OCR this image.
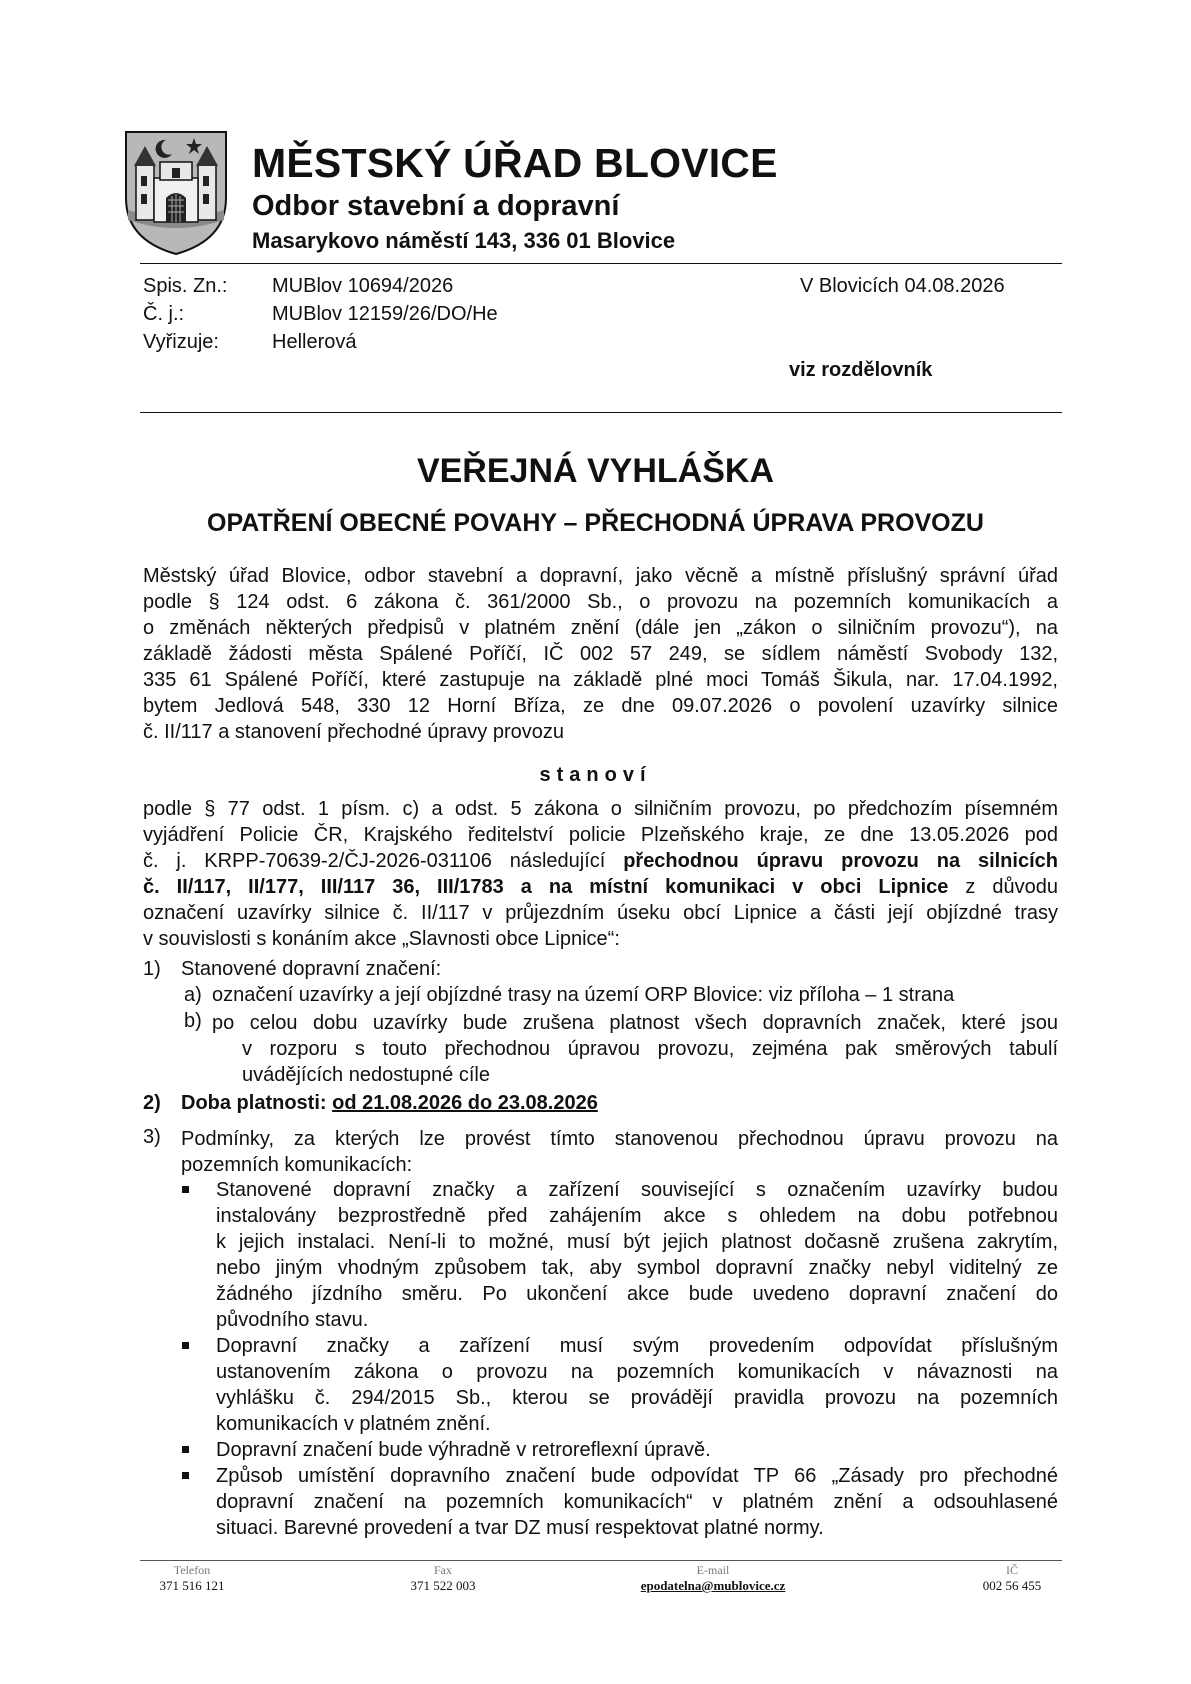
MĚSTSKÝ ÚŘAD BLOVICE
Odbor stavební a dopravní
Masarykovo náměstí 143, 336 01 Blovice
Spis. Zn.: MUBlov 10694/2026
Č. j.:	MUBlov 12159/26/DO/He
Vyřizuje:	Hellerová
V Blovicích 04.08.2026
viz rozdělovník
VEŘEJNÁ VYHLÁŠKA
OPATŘENÍ OBECNÉ POVAHY – PŘECHODNÁ ÚPRAVA PROVOZU
Městský úřad Blovice, odbor stavební a dopravní, jako věcně a místně příslušný správní úřad
podle § 124 odst. 6 zákona č. 361/2000 Sb., o provozu na pozemních komunikacích a
o změnách některých předpisů v platném znění (dále jen „zákon o silničním provozu“), na
základě žádosti města Spálené Poříčí, IČ 002 57 249, se sídlem náměstí Svobody 132,
335 61 Spálené Poříčí, které zastupuje na základě plné moci Tomáš Šikula, nar. 17.04.1992,
bytem Jedlová 548, 330 12 Horní Bříza, ze dne 09.07.2026 o povolení uzavírky silnice
č. II/117 a stanovení přechodné úpravy provozu
stanoví
podle § 77 odst. 1 písm. c) a odst. 5 zákona o silničním provozu, po předchozím písemném
vyjádření Policie ČR, Krajského ředitelství policie Plzeňského kraje, ze dne 13.05.2026 pod
č. j. KRPP-70639-2/ČJ-2026-031106 následující přechodnou úpravu provozu na silnicích
č. II/117, II/177, III/117 36, III/1783 a na místní komunikaci v obci Lipnice z důvodu
označení uzavírky silnice č. II/117 v průjezdním úseku obcí Lipnice a části její objízdné trasy
v souvislosti s konáním akce „Slavnosti obce Lipnice“:
1) Stanovené dopravní značení:
a) označení uzavírky a její objízdné trasy na území ORP Blovice: viz příloha – 1 strana
b) po celou dobu uzavírky bude zrušena platnost všech dopravních značek, které jsou
v rozporu s touto přechodnou úpravou provozu, zejména pak směrových tabulí
uvádějících nedostupné cíle
2) Doba platnosti: od 21.08.2026 do 23.08.2026
3) Podmínky, za kterých lze provést tímto stanovenou přechodnou úpravu provozu na
pozemních komunikacích:
Stanovené dopravní značky a zařízení související s označením uzavírky budou
instalovány bezprostředně před zahájením akce s ohledem na dobu potřebnou
k jejich instalaci. Není-li to možné, musí být jejich platnost dočasně zrušena zakrytím,
nebo jiným vhodným způsobem tak, aby symbol dopravní značky nebyl viditelný ze
žádného jízdního směru. Po ukončení akce bude uvedeno dopravní značení do
původního stavu.
Dopravní značky a zařízení musí svým provedením odpovídat příslušným
ustanovením zákona o provozu na pozemních komunikacích v návaznosti na
vyhlášku č. 294/2015 Sb., kterou se provádějí pravidla provozu na pozemních
komunikacích v platném znění.
Dopravní značení bude výhradně v retroreflexní úpravě.
Způsob umístění dopravního značení bude odpovídat TP 66 „Zásady pro přechodné
dopravní značení na pozemních komunikacích“ v platném znění a odsouhlasené
situaci. Barevné provedení a tvar DZ musí respektovat platné normy.
Telefon
371 516 121
Fax
371 522 003
E-mail
epodatelna@mublovice.cz
IČ
002 56 455
